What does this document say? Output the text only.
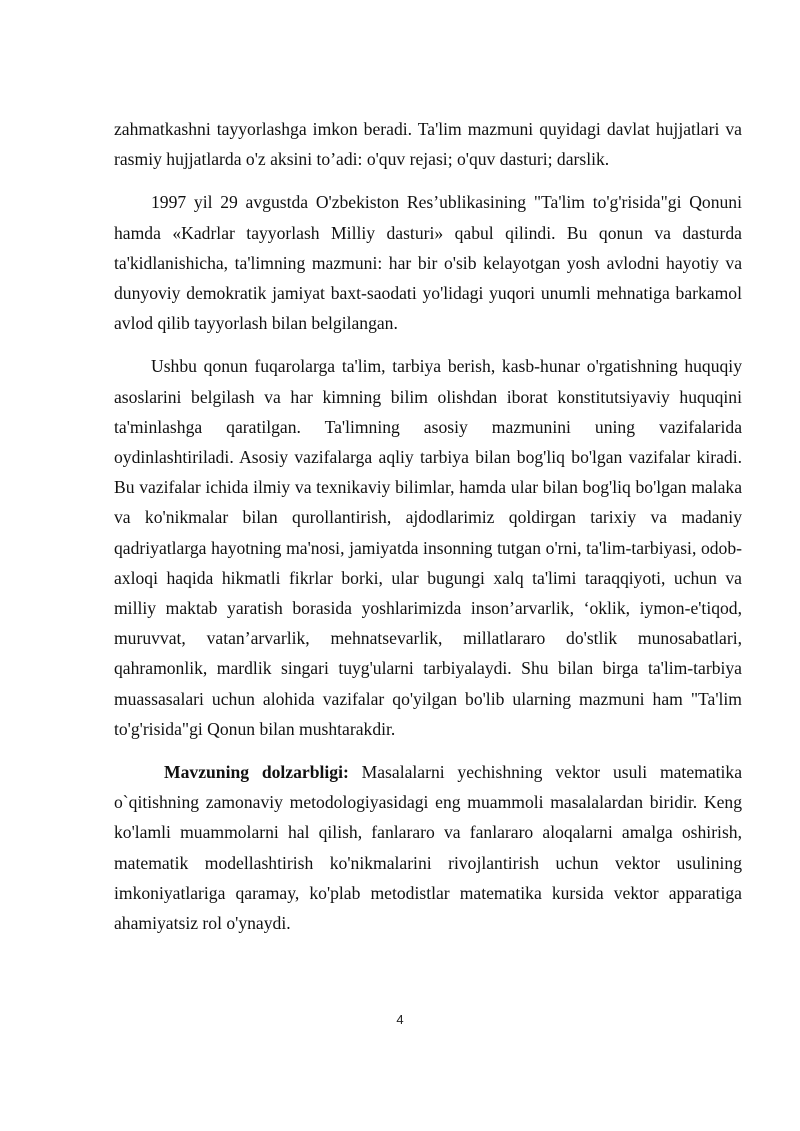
zahmatkashni tayyorlashga imkon beradi. Ta'lim mazmuni quyidagi davlat hujjatlari va rasmiy hujjatlarda o'z aksini to’adi: o'quv rejasi; o'quv dasturi; darslik.

1997 yil 29 avgustda O'zbekiston Res’ublikasining "Ta'lim to'g'risida"gi Qonuni hamda «Kadrlar tayyorlash Milliy dasturi» qabul qilindi. Bu qonun va dasturda ta'kidlanishicha, ta'limning mazmuni: har bir o'sib kelayotgan yosh avlodni hayotiy va dunyoviy demokratik jamiyat baxt-saodati yo'lidagi yuqori unumli mehnatiga barkamol avlod qilib tayyorlash bilan belgilangan.

Ushbu qonun fuqarolarga ta'lim, tarbiya berish, kasb-hunar o'rgatishning huquqiy asoslarini belgilash va har kimning bilim olishdan iborat konstitutsiyaviy huquqini ta'minlashga qaratilgan. Ta'limning asosiy mazmunini uning vazifalarida oydinlashtiriladi. Asosiy vazifalarga aqliy tarbiya bilan bog'liq bo'lgan vazifalar kiradi. Bu vazifalar ichida ilmiy va texnikaviy bilimlar, hamda ular bilan bog'liq bo'lgan malaka va ko'nikmalar bilan qurollantirish, ajdodlarimiz qoldirgan tarixiy va madaniy qadriyatlarga hayotning ma'nosi, jamiyatda insonning tutgan o'rni, ta'lim-tarbiyasi, odob-axloqi haqida hikmatli fikrlar borki, ular bugungi xalq ta'limi taraqqiyoti, uchun va milliy maktab yaratish borasida yoshlarimizda inson’arvarlik, ‘oklik, iymon-e'tiqod, muruvvat, vatan’arvarlik, mehnatsevarlik, millatlararo do'stlik munosabatlari, qahramonlik, mardlik singari tuyg'ularni tarbiyalaydi. Shu bilan birga ta'lim-tarbiya muassasalari uchun alohida vazifalar qo'yilgan bo'lib ularning mazmuni ham "Ta'lim to'g'risida"gi Qonun bilan mushtarakdir.

Mavzuning dolzarbligi: Masalalarni yechishning vektor usuli matematika o`qitishning zamonaviy metodologiyasidagi eng muammoli masalalardan biridir. Keng ko'lamli muammolarni hal qilish, fanlararo va fanlararo aloqalarni amalga oshirish, matematik modellashtirish ko'nikmalarini rivojlantirish uchun vektor usulining imkoniyatlariga qaramay, ko'plab metodistlar matematika kursida vektor apparatiga ahamiyatsiz rol o'ynaydi.

4
